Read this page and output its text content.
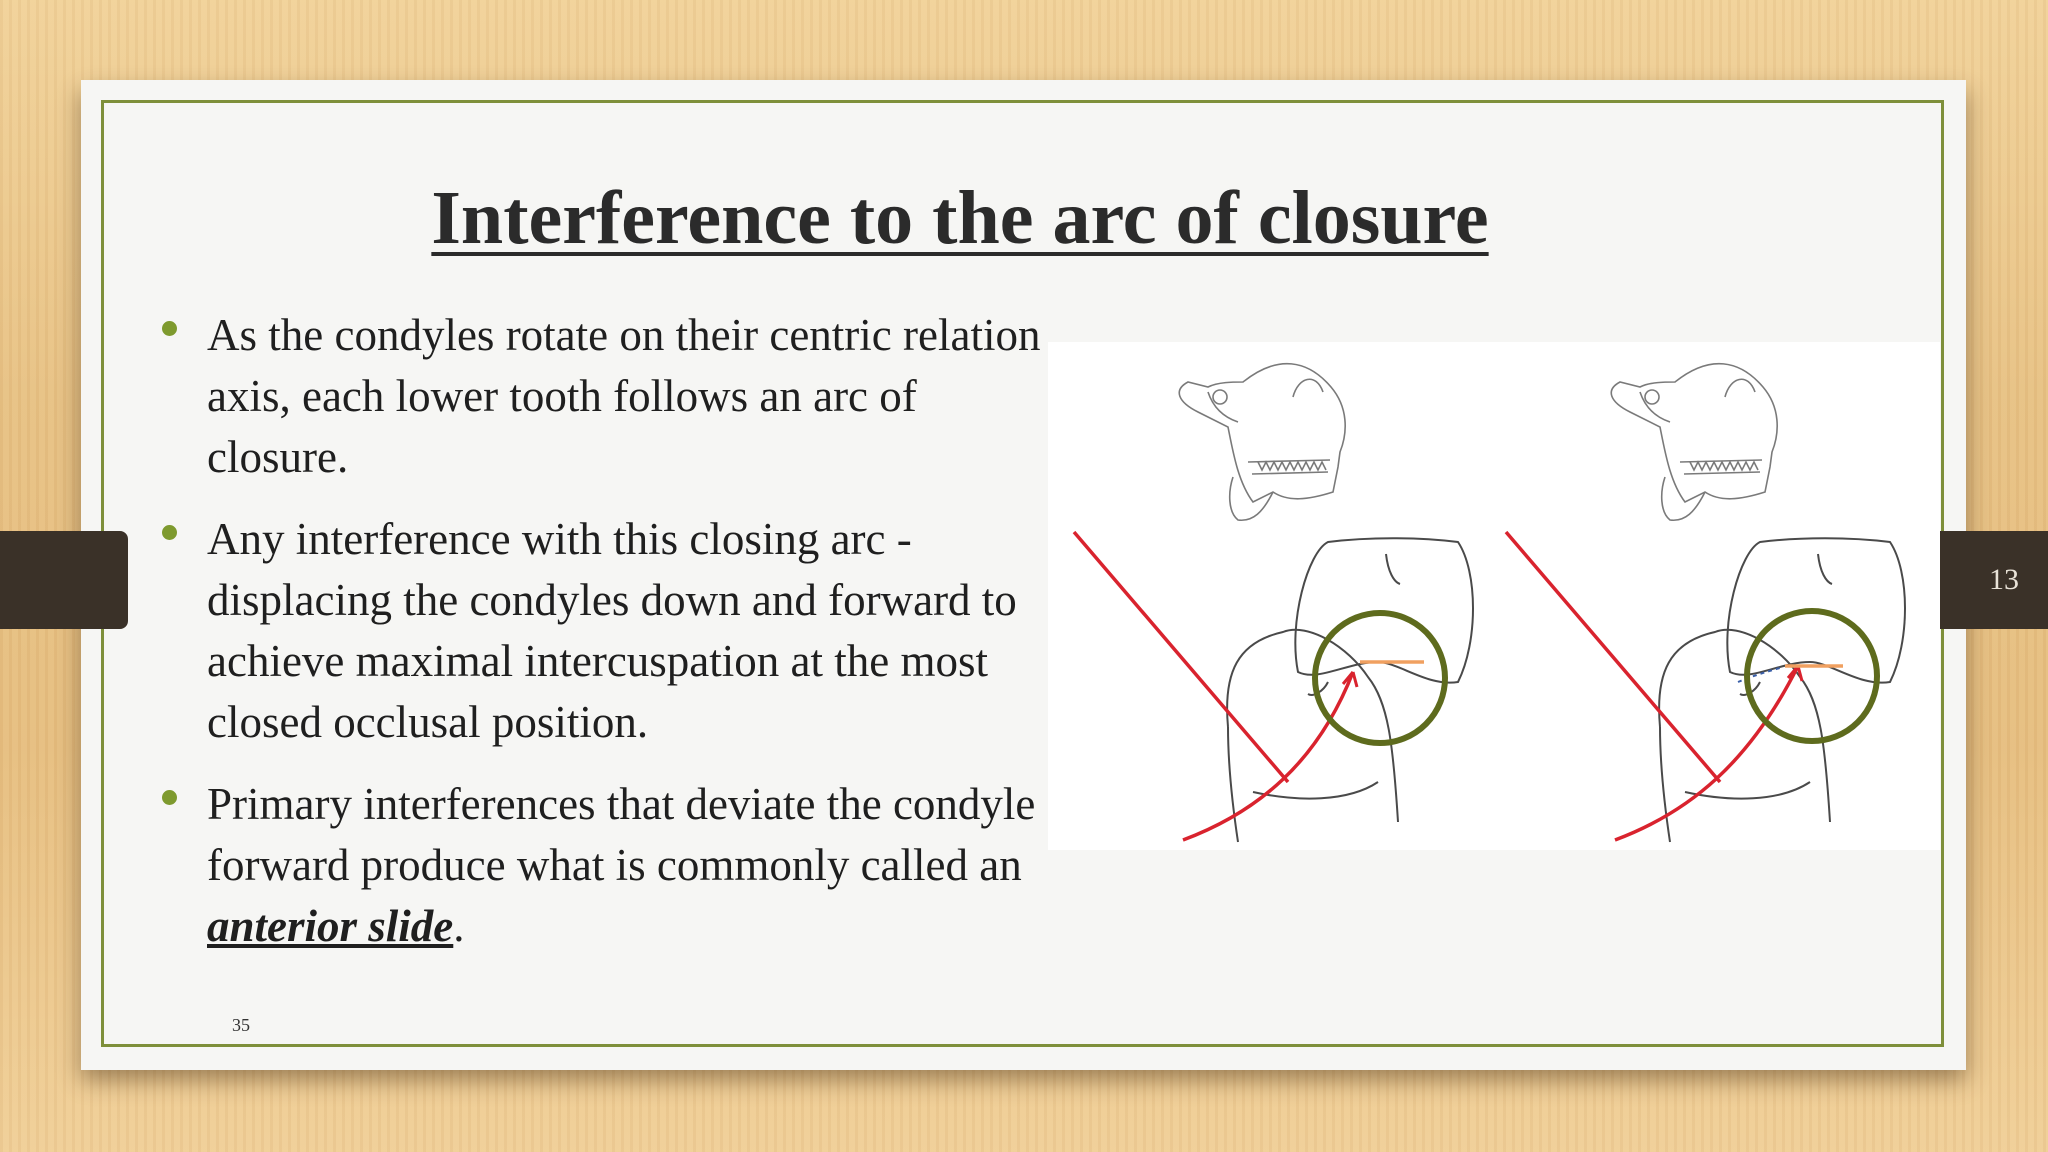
13
Interference to the arc of closure
As the condyles rotate on their centric relation axis, each lower tooth follows an arc of closure.
Any interference with this closing arc - displacing the condyles down and forward to achieve maximal intercuspation at the most closed occlusal position.
Primary interferences that deviate the condyle forward produce what is commonly called an anterior slide.
35
